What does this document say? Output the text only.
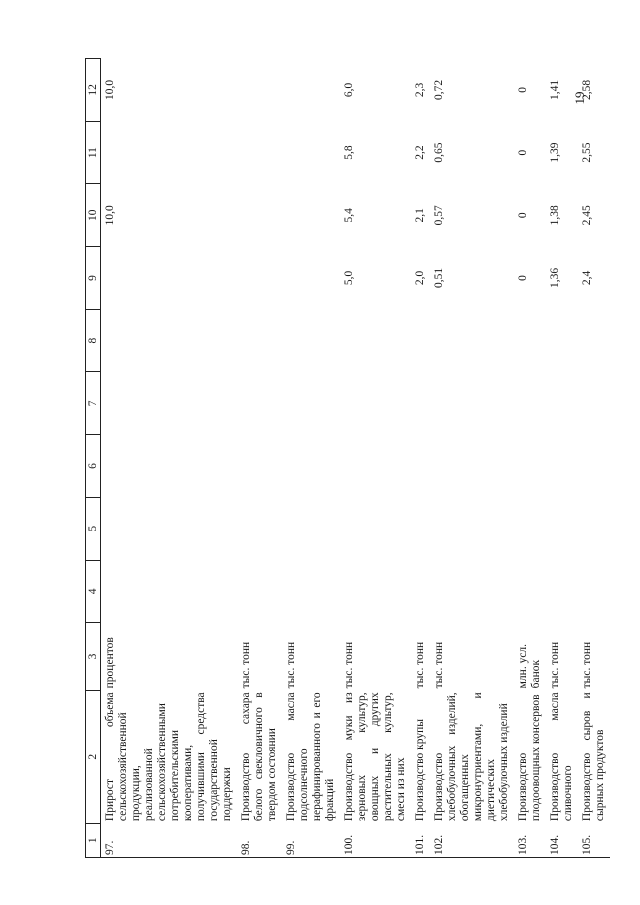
19
1	2	3	4	5	6	7	8	9	10	11	12
97.	Прирост объема сельскохозяйственной продукции, реализованной сельскохозяйственными потребительскими кооперативами, получившими средства государственной поддержки	процентов							10,0		10,0
98.	Производство сахара белого свекловичного в твердом состоянии	тыс. тонн									
99.	Производство масла подсолнечного нерафинированного и его фракций	тыс. тонн									
100.	Производство муки из зерновых культур, овощных и других растительных культур, смеси из них	тыс. тонн						5,0	5,4	5,8	6,0
101.	Производство крупы	тыс. тонн						2,0	2,1	2,2	2,3
102.	Производство хлебобулочных изделий, обогащенных микронутриентами, и диетических хлебобулочных изделий	тыс. тонн						0,51	0,57	0,65	0,72
103.	Производство плодоовощных консервов	млн. усл. банок						0	0	0	0
104.	Производство масла сливочного	тыс. тонн						1,36	1,38	1,39	1,41
105.	Производство сыров и сырных продуктов	тыс. тонн						2,4	2,45	2,55	2,58
